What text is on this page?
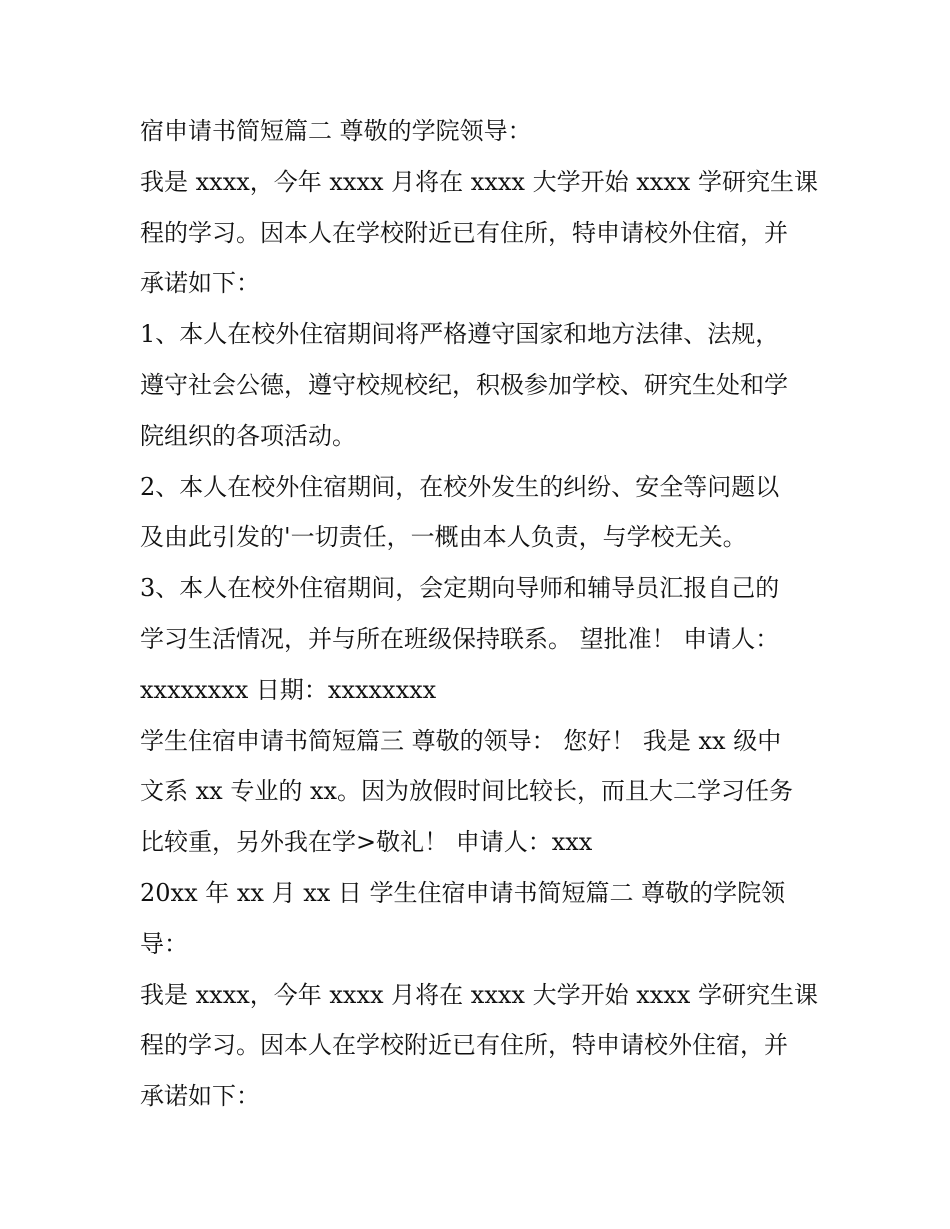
宿申请书简短篇二 尊敬的学院领导：

我是 xxxx，今年 xxxx 月将在 xxxx 大学开始 xxxx 学研究生课

程的学习。因本人在学校附近已有住所，特申请校外住宿，并

承诺如下：

1、本人在校外住宿期间将严格遵守国家和地方法律、法规，

遵守社会公德，遵守校规校纪，积极参加学校、研究生处和学

院组织的各项活动。

2、本人在校外住宿期间，在校外发生的纠纷、安全等问题以

及由此引发的'一切责任，一概由本人负责，与学校无关。

3、本人在校外住宿期间，会定期向导师和辅导员汇报自己的

学习生活情况，并与所在班级保持联系。 望批准！ 申请人：

xxxxxxxx 日期：xxxxxxxx

学生住宿申请书简短篇三 尊敬的领导： 您好！ 我是 xx 级中

文系 xx 专业的 xx。因为放假时间比较长，而且大二学习任务

比较重，另外我在学>敬礼！ 申请人：xxx

20xx 年 xx 月 xx 日 学生住宿申请书简短篇二 尊敬的学院领

导：

我是 xxxx，今年 xxxx 月将在 xxxx 大学开始 xxxx 学研究生课

程的学习。因本人在学校附近已有住所，特申请校外住宿，并

承诺如下：
